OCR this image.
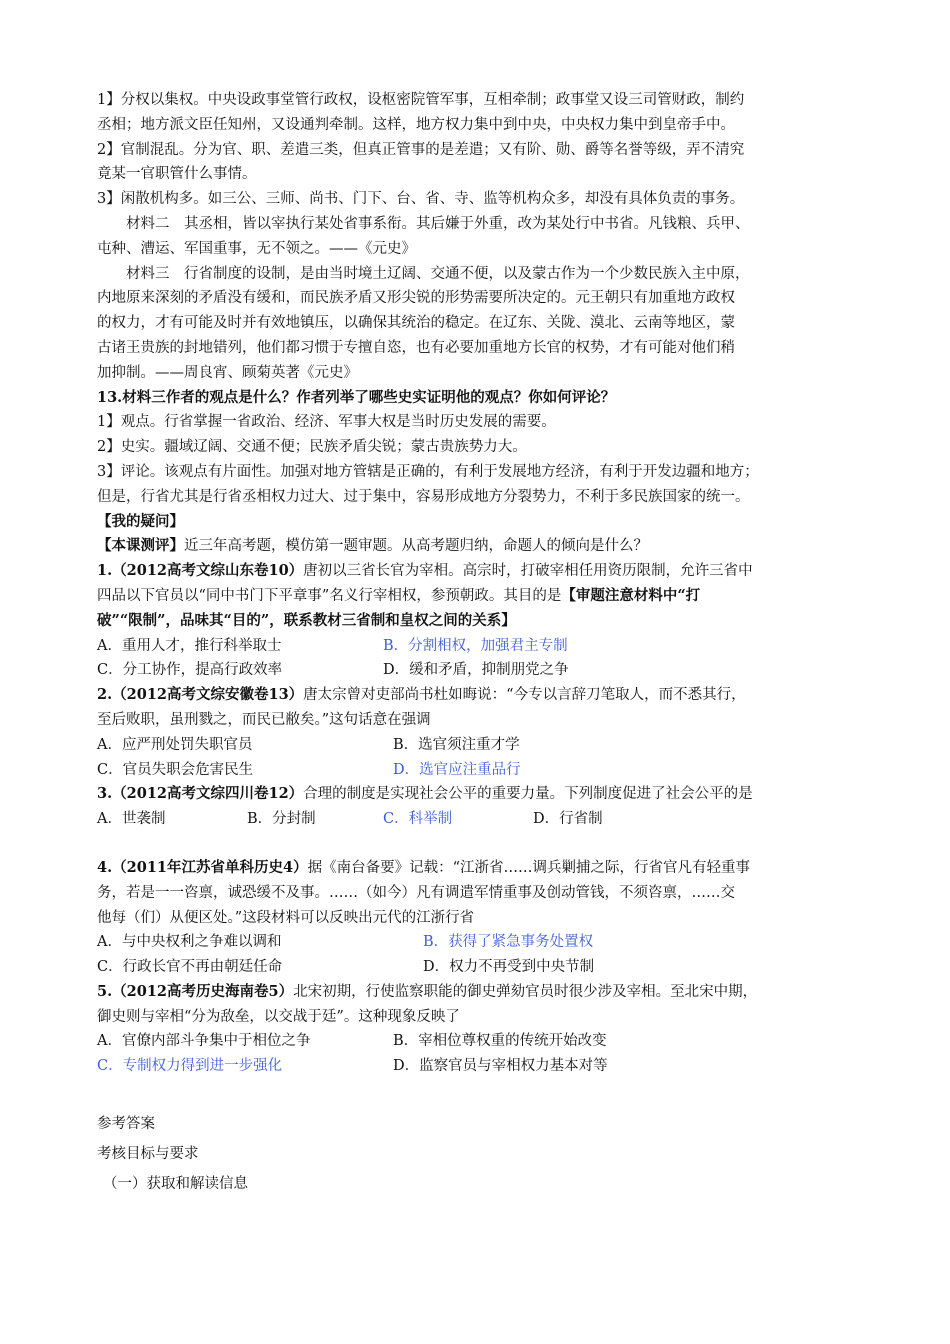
1】分权以集权。中央设政事堂管行政权，设枢密院管军事，互相牵制；政事堂又设三司管财政，制约
丞相；地方派文臣任知州，又设通判牵制。这样，地方权力集中到中央，中央权力集中到皇帝手中。
2】官制混乱。分为官、职、差遣三类，但真正管事的是差遣；又有阶、勋、爵等名誉等级，弄不清究
竟某一官职管什么事情。
3】闲散机构多。如三公、三师、尚书、门下、台、省、寺、监等机构众多，却没有具体负责的事务。
材料二　其丞相，皆以宰执行某处省事系衔。其后嫌于外重，改为某处行中书省。凡钱粮、兵甲、
屯种、漕运、军国重事，无不领之。——《元史》
材料三　行省制度的设制，是由当时境土辽阔、交通不便，以及蒙古作为一个少数民族入主中原，
内地原来深刻的矛盾没有缓和，而民族矛盾又形尖锐的形势需要所决定的。元王朝只有加重地方政权
的权力，才有可能及时并有效地镇压，以确保其统治的稳定。在辽东、关陇、漠北、云南等地区，蒙
古诸王贵族的封地错列，他们都习惯于专擅自恣，也有必要加重地方长官的权势，才有可能对他们稍
加抑制。——周良宵、顾菊英著《元史》
13.材料三作者的观点是什么？作者列举了哪些史实证明他的观点？你如何评论？
1】观点。行省掌握一省政治、经济、军事大权是当时历史发展的需要。
2】史实。疆域辽阔、交通不便；民族矛盾尖锐；蒙古贵族势力大。
3】评论。该观点有片面性。加强对地方管辖是正确的，有利于发展地方经济，有利于开发边疆和地方；
但是，行省尤其是行省丞相权力过大、过于集中，容易形成地方分裂势力，不利于多民族国家的统一。
【我的疑问】
【本课测评】近三年高考题，模仿第一题审题。从高考题归纳，命题人的倾向是什么？
1.（2012高考文综山东卷10）唐初以三省长官为宰相。高宗时，打破宰相任用资历限制，允许三省中
四品以下官员以“同中书门下平章事”名义行宰相权，参预朝政。其目的是【审题注意材料中“打
破”“限制”，品味其“目的”，联系教材三省制和皇权之间的关系】
A．重用人才，推行科举取士	B．分割相权，加强君主专制
C．分工协作，提高行政效率	D．缓和矛盾，抑制朋党之争
2.（2012高考文综安徽卷13）唐太宗曾对吏部尚书杜如晦说：“今专以言辞刀笔取人，而不悉其行，
至后败职，虽刑戮之，而民已敝矣。”这句话意在强调
A．应严刑处罚失职官员	B．选官须注重才学
C．官员失职会危害民生	D．选官应注重品行
3.（2012高考文综四川卷12）合理的制度是实现社会公平的重要力量。下列制度促进了社会公平的是
A．世袭制	B．分封制	C．科举制	D．行省制
4.（2011年江苏省单科历史4）据《南台备要》记载：“江浙省……调兵剿捕之际，行省官凡有轻重事
务，若是一一咨禀，诚恐缓不及事。……（如今）凡有调遣军情重事及创动管钱，不须咨禀，……交
他每（们）从便区处。”这段材料可以反映出元代的江浙行省
A．与中央权利之争难以调和	B．获得了紧急事务处置权
C．行政长官不再由朝廷任命	D．权力不再受到中央节制
5.（2012高考历史海南卷5）北宋初期，行使监察职能的御史弹劾官员时很少涉及宰相。至北宋中期，
御史则与宰相“分为敌垒，以交战于廷”。这种现象反映了
A．官僚内部斗争集中于相位之争	B．宰相位尊权重的传统开始改变
C．专制权力得到进一步强化	D．监察官员与宰相权力基本对等
参考答案
考核目标与要求
（一）获取和解读信息
